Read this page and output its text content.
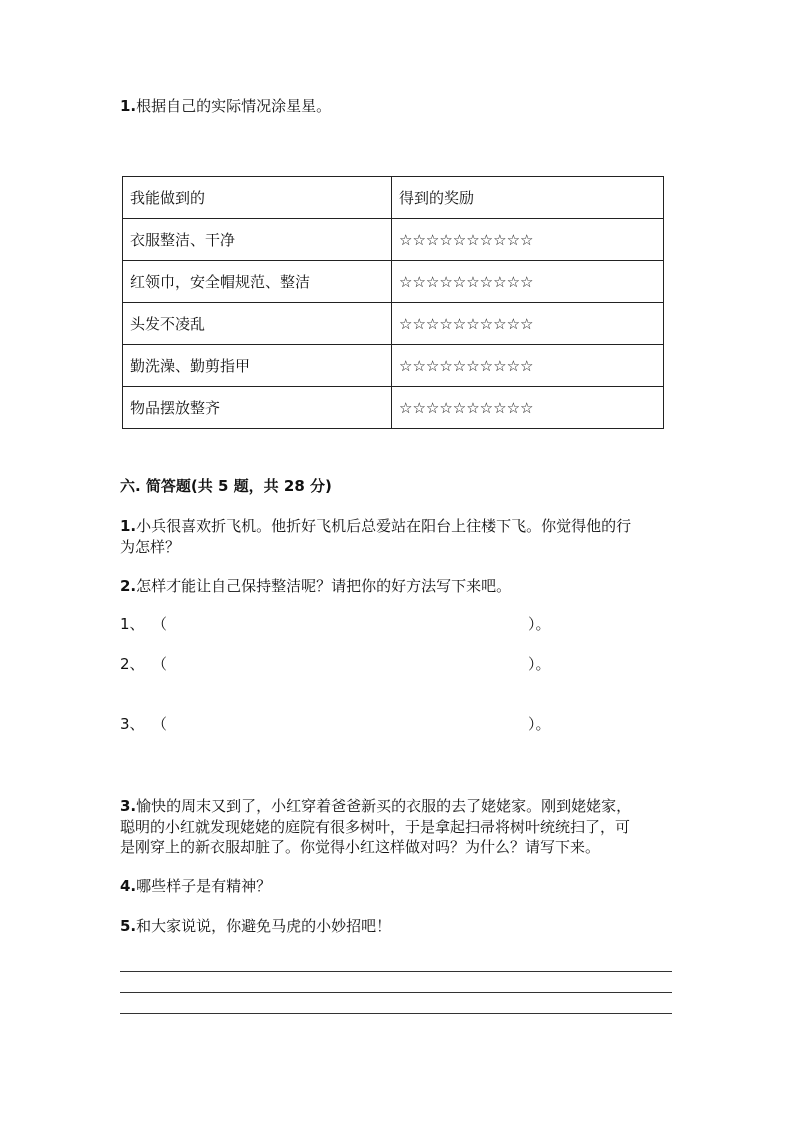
1.根据自己的实际情况涂星星。
我能做到的	得到的奖励
衣服整洁、干净	☆☆☆☆☆☆☆☆☆☆
红领巾，安全帽规范、整洁	☆☆☆☆☆☆☆☆☆☆
头发不凌乱	☆☆☆☆☆☆☆☆☆☆
勤洗澡、勤剪指甲	☆☆☆☆☆☆☆☆☆☆
物品摆放整齐	☆☆☆☆☆☆☆☆☆☆
六. 简答题(共 5 题，共 28 分)
1.小兵很喜欢折飞机。他折好飞机后总爱站在阳台上往楼下飞。你觉得他的行
为怎样？
2.怎样才能让自己保持整洁呢？请把你的好方法写下来吧。
1、 （	）。
2、 （	）。
3、 （	）。
3.愉快的周末又到了，小红穿着爸爸新买的衣服的去了姥姥家。刚到姥姥家，
聪明的小红就发现姥姥的庭院有很多树叶，于是拿起扫帚将树叶统统扫了，可
是刚穿上的新衣服却脏了。你觉得小红这样做对吗？为什么？请写下来。
4.哪些样子是有精神？
5.和大家说说，你避免马虎的小妙招吧！
